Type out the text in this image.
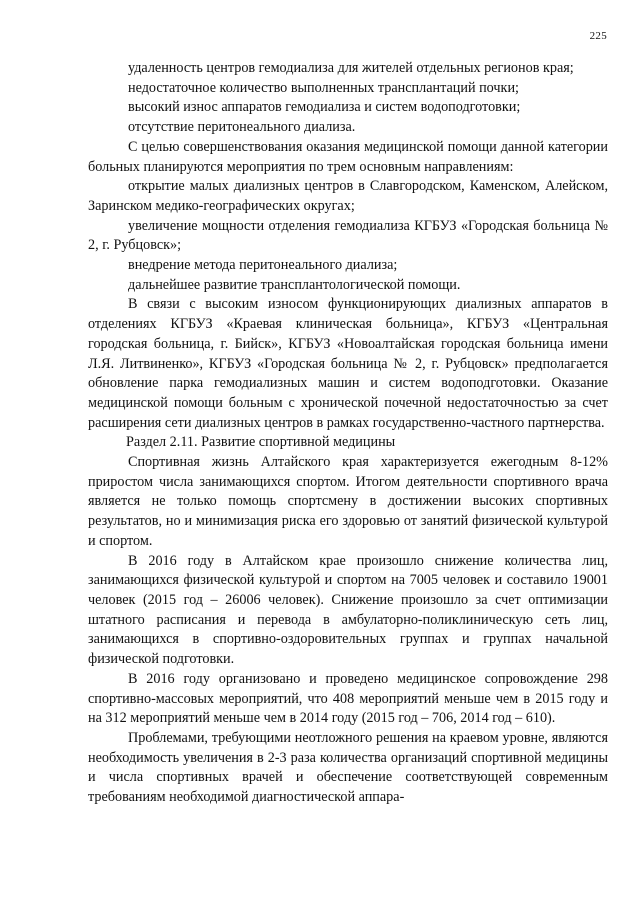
225

удаленность центров гемодиализа для жителей отдельных регионов края;

недостаточное количество выполненных трансплантаций почки;

высокий износ аппаратов гемодиализа и систем водоподготовки;

отсутствие перитонеального диализа.

С целью совершенствования оказания медицинской помощи данной категории больных планируются мероприятия по трем основным направлениям:

открытие малых диализных центров в Славгородском, Каменском, Алейском, Заринском медико-географических округах;

увеличение мощности отделения гемодиализа КГБУЗ «Городская больница № 2, г. Рубцовск»;

внедрение метода перитонеального диализа;

дальнейшее развитие трансплантологической помощи.

В связи с высоким износом функционирующих диализных аппаратов в отделениях КГБУЗ «Краевая клиническая больница», КГБУЗ «Центральная городская больница, г. Бийск», КГБУЗ «Новоалтайская городская больница имени Л.Я. Литвиненко», КГБУЗ «Городская больница № 2, г. Рубцовск» предполагается обновление парка гемодиализных машин и систем водоподготовки. Оказание медицинской помощи больным с хронической почечной недостаточностью за счет расширения сети диализных центров в рамках государственно-частного партнерства.

Раздел 2.11. Развитие спортивной медицины

Спортивная жизнь Алтайского края характеризуется ежегодным 8-12% приростом числа занимающихся спортом. Итогом деятельности спортивного врача является не только помощь спортсмену в достижении высоких спортивных результатов, но и минимизация риска его здоровью от занятий физической культурой и спортом.

В 2016 году в Алтайском крае произошло снижение количества лиц, занимающихся физической культурой и спортом на 7005 человек и составило 19001 человек (2015 год – 26006 человек). Снижение произошло за счет оптимизации штатного расписания и перевода в амбулаторно-поликлиническую сеть лиц, занимающихся в спортивно-оздоровительных группах и группах начальной физической подготовки.

В 2016 году организовано и проведено медицинское сопровождение 298 спортивно-массовых мероприятий, что 408 мероприятий меньше чем в 2015 году и на 312 мероприятий меньше чем в 2014 году (2015 год – 706, 2014 год – 610).

Проблемами, требующими неотложного решения на краевом уровне, являются необходимость увеличения в 2-3 раза количества организаций спортивной медицины и числа спортивных врачей и обеспечение соответствующей современным требованиям необходимой диагностической аппара-
